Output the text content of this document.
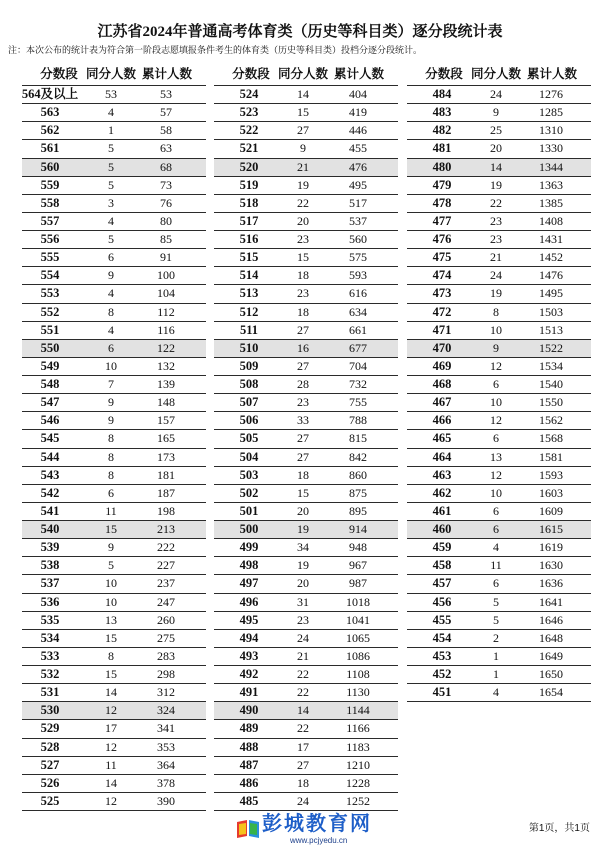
江苏省2024年普通高考体育类（历史等科目类）逐分段统计表

注：本次公布的统计表为符合第一阶段志愿填报条件考生的体育类（历史等科目类）投档分逐分段统计。

分数段 同分人数 累计人数
564及以上 53	53
563	4	57
562	1	58
561	5	63
560	5	68
559	5	73
558	3	76
557	4	80
556	5	85
555	6	91
554	9	100
553	4	104
552	8	112
551	4	116
550	6	122
549	10	132
548	7	139
547	9	148
546	9	157
545	8	165
544	8	173
543	8	181
542	6	187
541	11	198
540	15	213
539	9	222
538	5	227
537	10	237
536	10	247
535	13	260
534	15	275
533	8	283
532	15	298
531	14	312
530	12	324
529	17	341
528	12	353
527	11	364
526	14	378
525	12	390
分数段 同分人数 累计人数
524	14	404
523	15	419
522	27	446
521	9	455
520	21	476
519	19	495
518	22	517
517	20	537
516	23	560
515	15	575
514	18	593
513	23	616
512	18	634
511	27	661
510	16	677
509	27	704
508	28	732
507	23	755
506	33	788
505	27	815
504	27	842
503	18	860
502	15	875
501	20	895
500	19	914
499	34	948
498	19	967
497	20	987
496	31	1018
495	23	1041
494	24	1065
493	21	1086
492	22	1108
491	22	1130
490	14	1144
489	22	1166
488	17	1183
487	27	1210
486	18	1228
485	24	1252
分数段 同分人数 累计人数
484	24	1276
483	9	1285
482	25	1310
481	20	1330
480	14	1344
479	19	1363
478	22	1385
477	23	1408
476	23	1431
475	21	1452
474	24	1476
473	19	1495
472	8	1503
471	10	1513
470	9	1522
469	12	1534
468	6	1540
467	10	1550
466	12	1562
465	6	1568
464	13	1581
463	12	1593
462	10	1603
461	6	1609
460	6	1615
459	4	1619
458	11	1630
457	6	1636
456	5	1641
455	5	1646
454	2	1648
453	1	1649
452	1	1650
451	4	1654
彭城教育网
www.pcjyedu.cn
第1页，共1页
